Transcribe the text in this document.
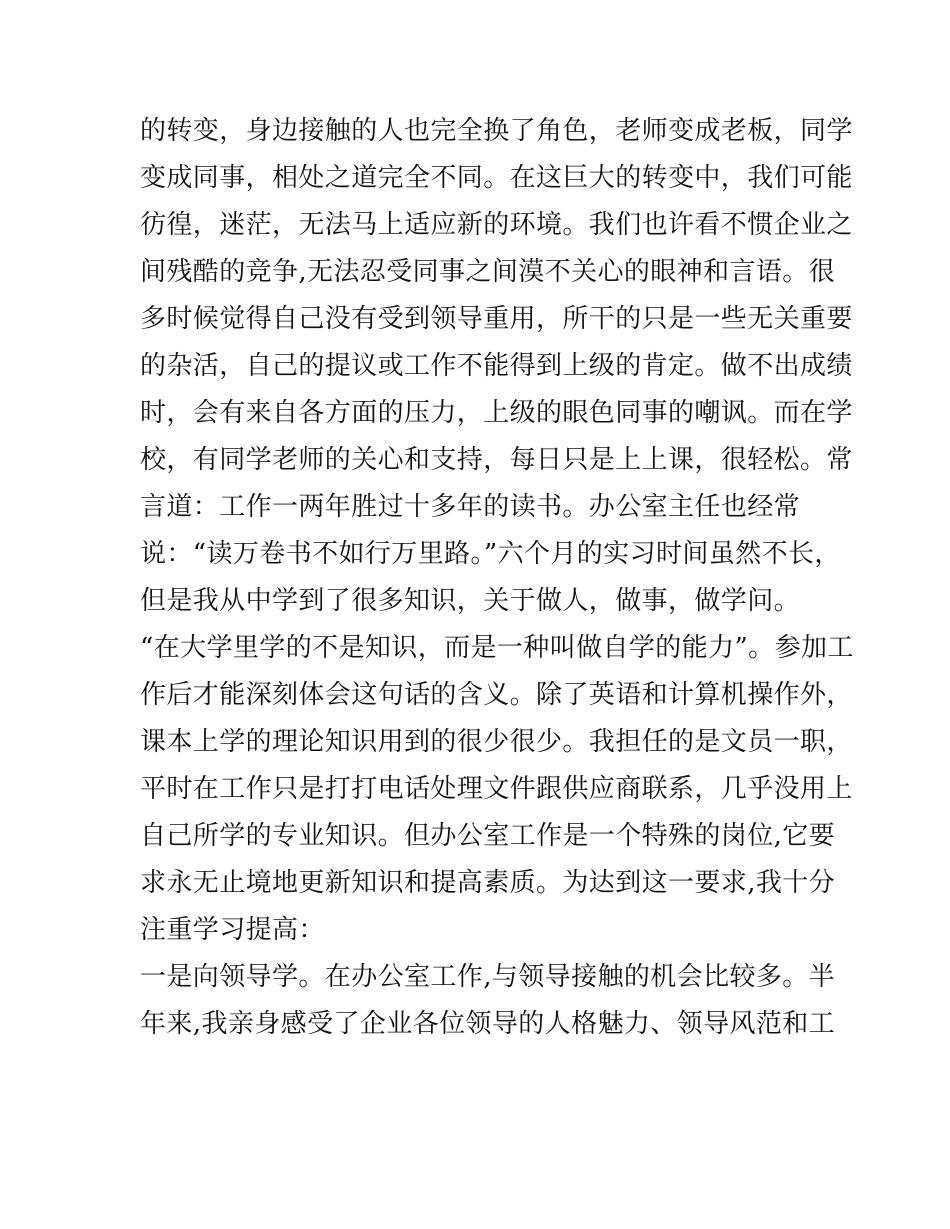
的转变，身边接触的人也完全换了角色，老师变成老板，同学
变成同事，相处之道完全不同。在这巨大的转变中，我们可能
彷徨，迷茫，无法马上适应新的环境。我们也许看不惯企业之
间残酷的竞争,无法忍受同事之间漠不关心的眼神和言语。很
多时候觉得自己没有受到领导重用，所干的只是一些无关重要
的杂活，自己的提议或工作不能得到上级的肯定。做不出成绩
时，会有来自各方面的压力，上级的眼色同事的嘲讽。而在学
校，有同学老师的关心和支持，每日只是上上课，很轻松。常
言道：工作一两年胜过十多年的读书。办公室主任也经常
说：“读万卷书不如行万里路。”六个月的实习时间虽然不长，
但是我从中学到了很多知识，关于做人，做事，做学问。
“在大学里学的不是知识，而是一种叫做自学的能力”。参加工
作后才能深刻体会这句话的含义。除了英语和计算机操作外，
课本上学的理论知识用到的很少很少。我担任的是文员一职，
平时在工作只是打打电话处理文件跟供应商联系，几乎没用上
自己所学的专业知识。但办公室工作是一个特殊的岗位,它要
求永无止境地更新知识和提高素质。为达到这一要求,我十分
注重学习提高：
一是向领导学。在办公室工作,与领导接触的机会比较多。半
年来,我亲身感受了企业各位领导的人格魅力、领导风范和工
